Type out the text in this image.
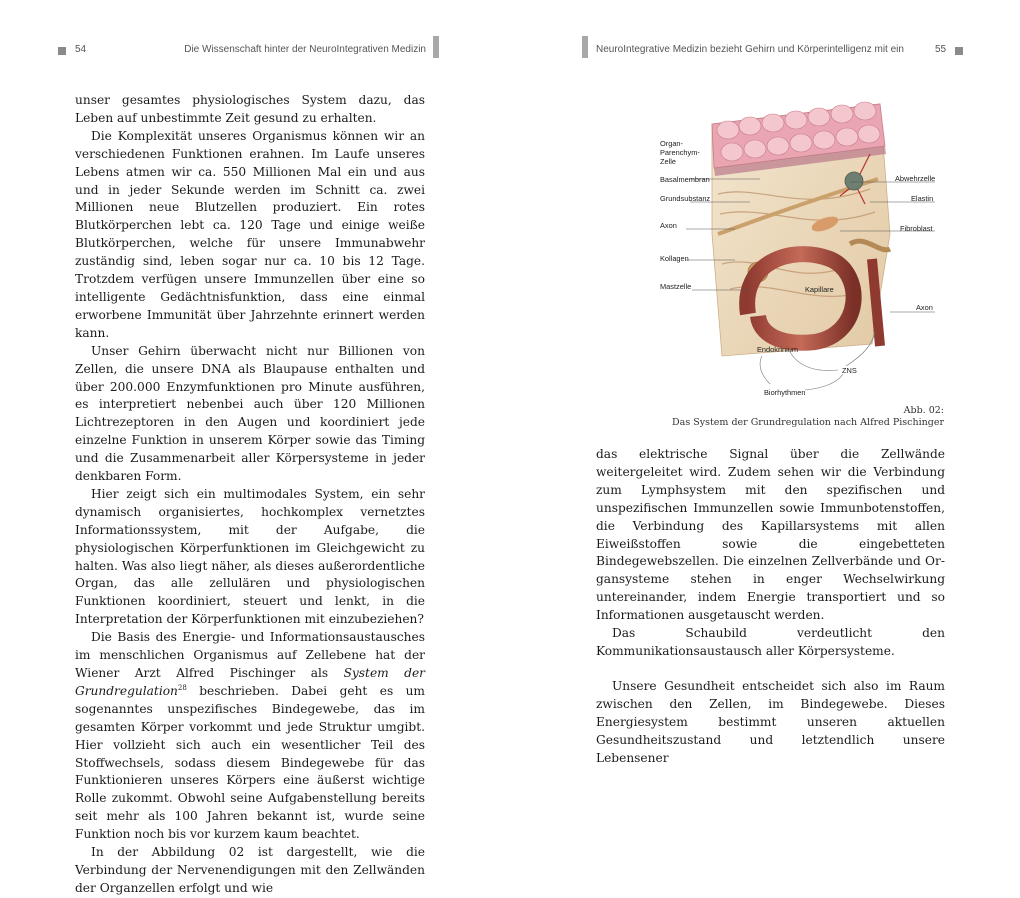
54	Die Wissenschaft hinter der NeuroIntegrativen Medizin	NeuroIntegrative Medizin bezieht Gehirn und Körperintelligenz mit ein	55

unser gesamtes physiologisches System dazu, das Leben auf unbestimmte Zeit gesund zu erhalten.

Die Komplexität unseres Organismus können wir an verschiedenen Funktionen erahnen. Im Laufe unseres Lebens atmen wir ca. 550 Millionen Mal ein und aus und in jeder Sekunde werden im Schnitt ca. zwei Millionen neue Blutzellen produziert. Ein rotes Blutkörperchen lebt ca. 120 Tage und einige weiße Blutkörperchen, welche für unsere Immunabwehr zuständig sind, leben sogar nur ca. 10 bis 12 Tage. Trotzdem verfügen unsere Immunzellen über eine so intelligente Gedächtnisfunktion, dass eine einmal erworbene Immunität über Jahrzehnte erinnert werden kann.

Unser Gehirn überwacht nicht nur Billionen von Zellen, die unsere DNA als Blaupause enthalten und über 200.000 Enzymfunktionen pro Minute ausführen, es interpretiert nebenbei auch über 120 Millionen Lichtrezeptoren in den Augen und koordiniert jede einzelne Funktion in unserem Körper sowie das Timing und die Zusammenarbeit aller Körpersysteme in jeder denkbaren Form.

Hier zeigt sich ein multimodales System, ein sehr dynamisch organisiertes, hochkomplex vernetztes Informationssystem, mit der Aufgabe, die physiologischen Körperfunktionen im Gleichgewicht zu halten. Was also liegt näher, als dieses außerordentliche Organ, das alle zellulären und physiologischen Funktionen koordiniert, steuert und lenkt, in die Interpretation der Körperfunktionen mit einzubeziehen?

Die Basis des Energie- und Informationsaustausches im menschlichen Organismus auf Zellebene hat der Wiener Arzt Alfred Pischinger als System der Grundregulation$^{28}$ beschrieben. Dabei geht es um sogenanntes unspezifisches Bindegewebe, das im gesamten Körper vorkommt und jede Struktur umgibt. Hier vollzieht sich auch ein wesentlicher Teil des Stoffwechsels, sodass diesem Bindegewebe für das Funktionieren unseres Körpers eine äußerst wichtige Rolle zukommt. Obwohl seine Aufgabenstellung bereits seit mehr als 100 Jahren bekannt ist, wurde seine Funktion noch bis vor kurzem kaum beachtet.

In der Abbildung 02 ist dargestellt, wie die Verbindung der Nervenendigungen mit den Zellwänden der Organzellen erfolgt und wie

Organ-
Parenchym-
Zelle
Basalmembran
Grundsubstanz
Axon
Kollagen
Mastzelle
Abwehrzelle
Elastin
Fibroblast
Axon
Kapillare
Endokrinium
ZNS
Biorhythmen
Abb. 02:
Das System der Grundregulation nach Alfred Pischinger

das elektrische Signal über die Zellwände weitergeleitet wird. Zudem sehen wir die Verbindung zum Lymphsystem mit den spezifischen und unspezifischen Immunzellen sowie Immunbotenstoffen, die Verbindung des Kapillarsystems mit allen Eiweißstoffen sowie die eingebetteten Bindegewebszellen. Die einzelnen Zellverbände und Organsysteme stehen in enger Wechselwirkung untereinander, indem Energie transportiert und so Informationen ausgetauscht werden.

Das Schaubild verdeutlicht den Kommunikationsaustausch aller Körpersysteme.

Unsere Gesundheit entscheidet sich also im Raum zwischen den Zellen, im Bindegewebe. Dieses Energiesystem bestimmt unseren aktuellen Gesundheitszustand und letztendlich unsere Lebensener
